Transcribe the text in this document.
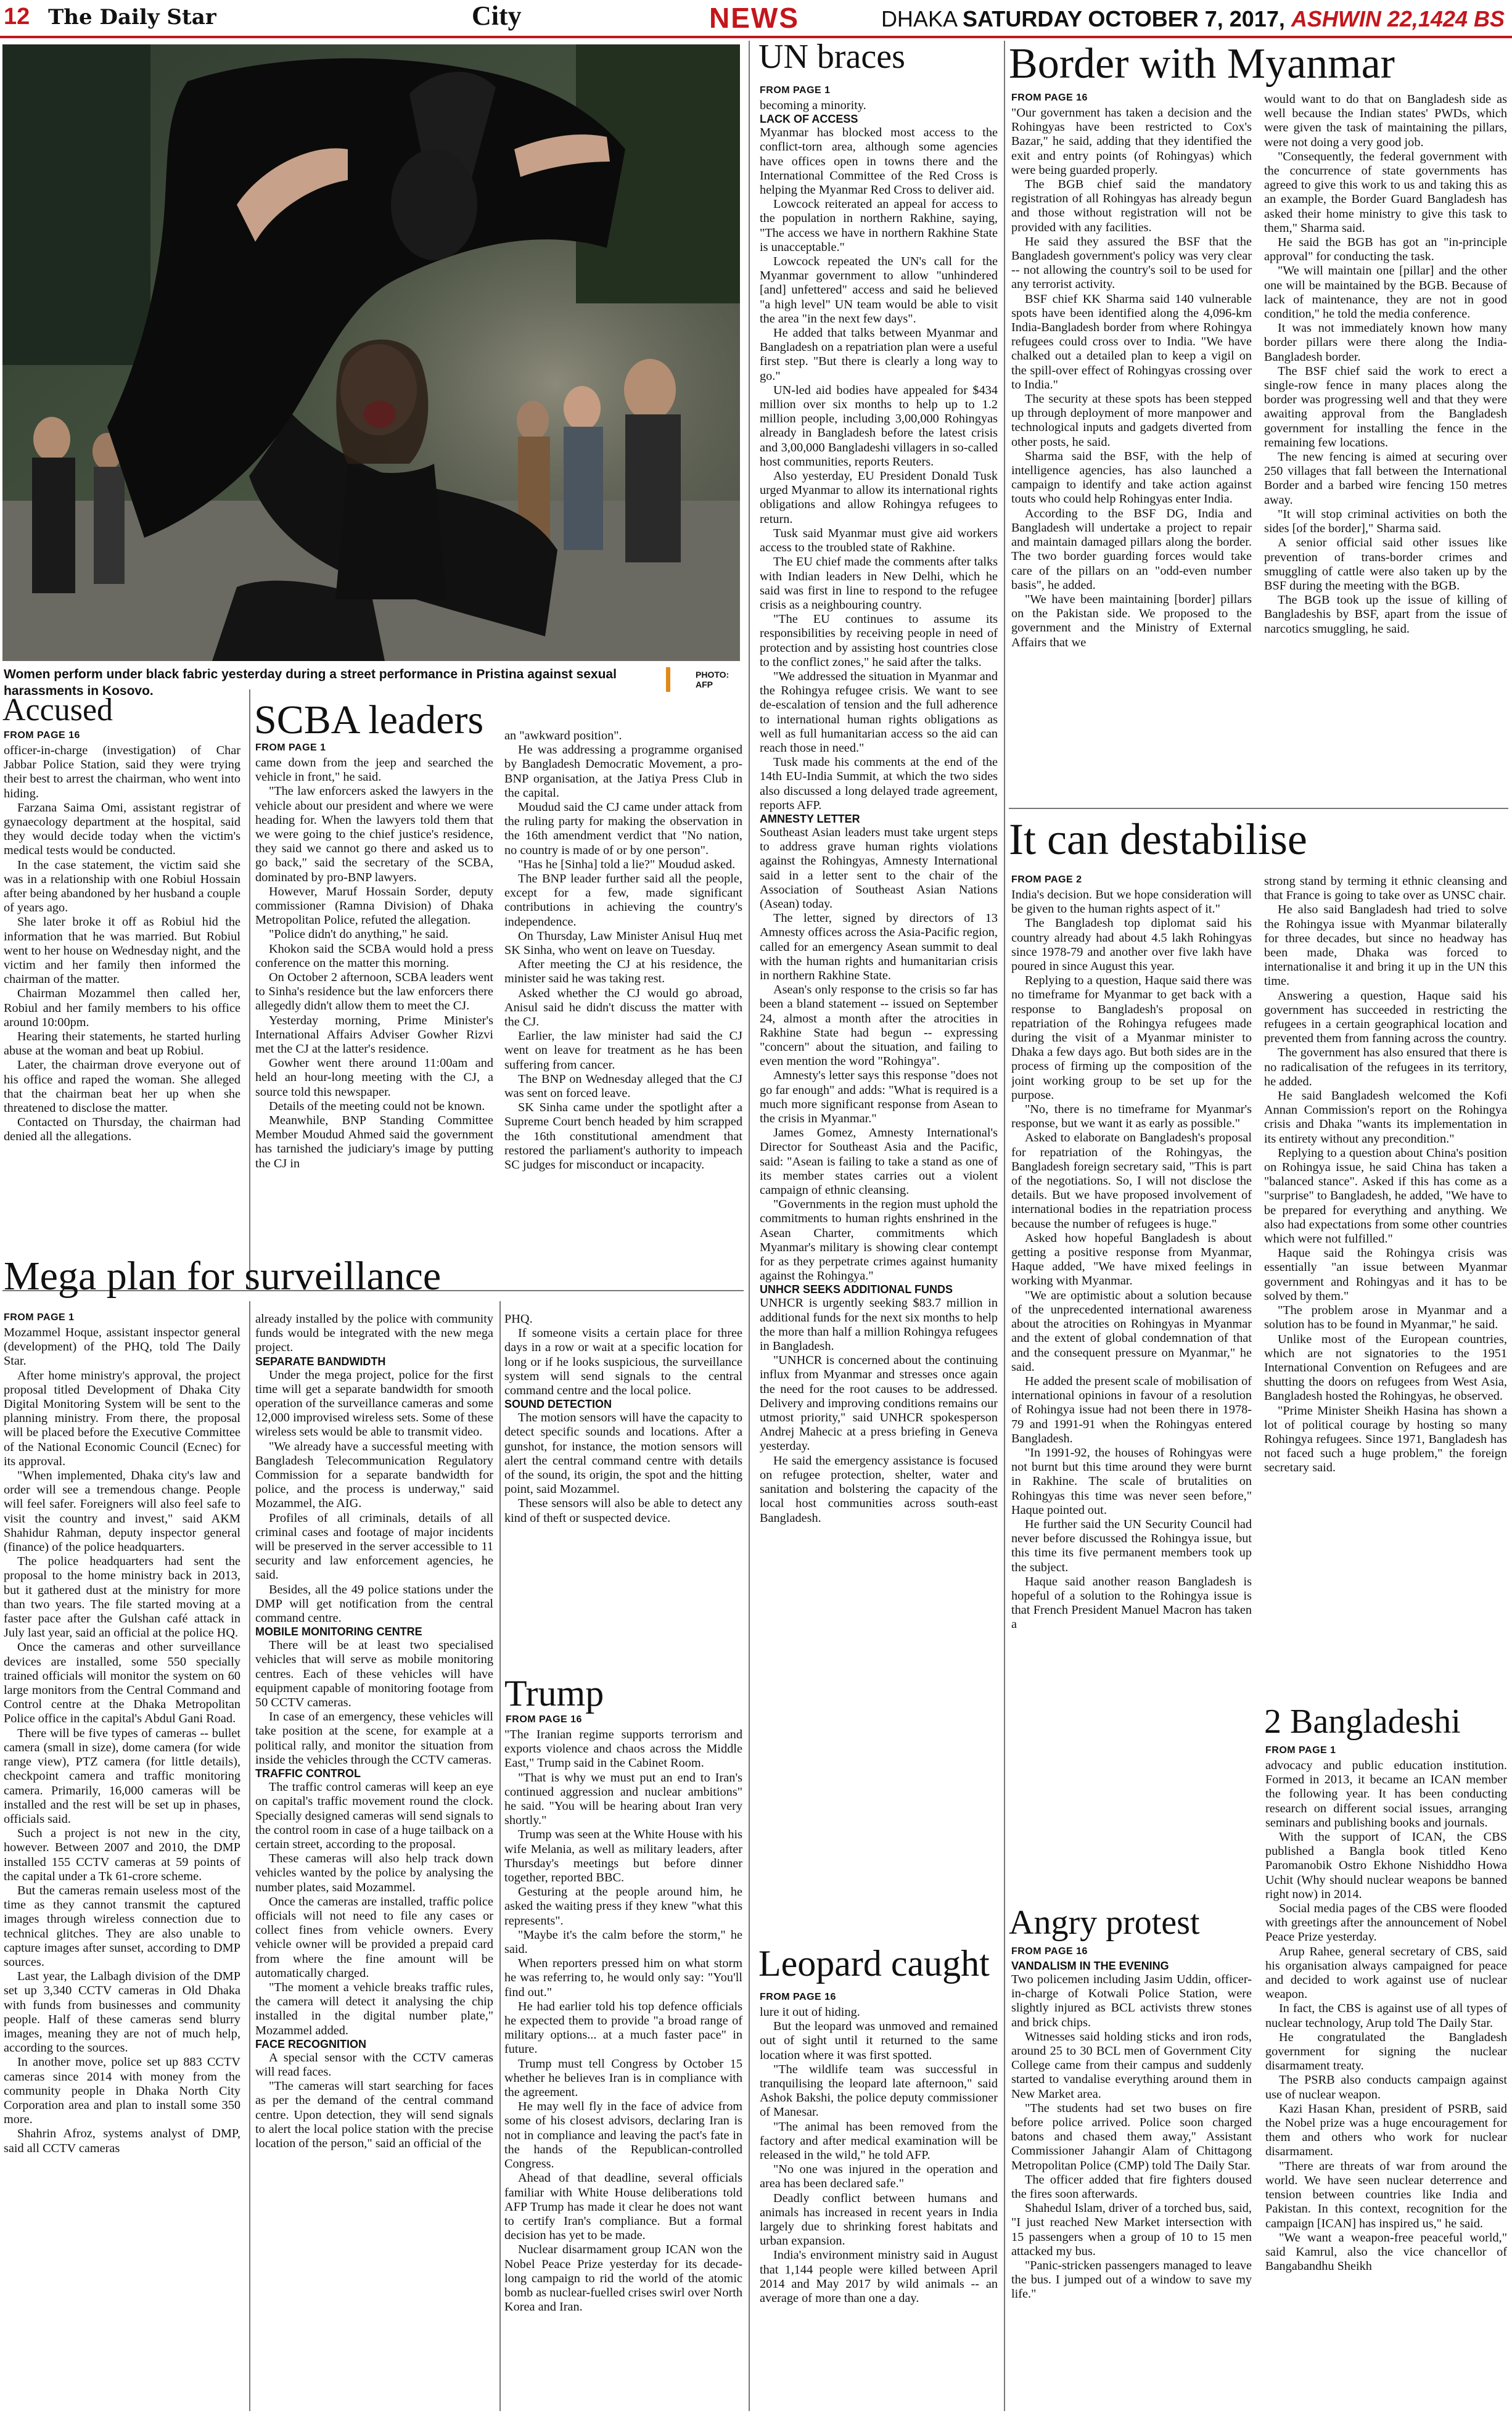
12 The Daily Star	City	NEWS	DHAKA SATURDAY OCTOBER 7, 2017, ASHWIN 22,1424 BS
Women perform under black fabric yesterday during a street performance in Pristina against sexual harassments in Kosovo.
PHOTO:
AFP
Accused
FROM PAGE 16

officer-in-charge (investigation) of Char Jabbar Police Station, said they were trying their best to arrest the chairman, who went into hiding.

Farzana Saima Omi, assistant registrar of gynaecology department at the hospital, said they would decide today when the victim's medical tests would be conducted.

In the case statement, the victim said she was in a relationship with one Robiul Hossain after being abandoned by her husband a couple of years ago.

She later broke it off as Robiul hid the information that he was married. But Robiul went to her house on Wednesday night, and the victim and her family then informed the chairman of the matter.

Chairman Mozammel then called her, Robiul and her family members to his office around 10:00pm.

Hearing their statements, he started hurling abuse at the woman and beat up Robiul.

Later, the chairman drove everyone out of his office and raped the woman. She alleged that the chairman beat her up when she threatened to disclose the matter.

Contacted on Thursday, the chairman had denied all the allegations.

SCBA leaders
FROM PAGE 1

came down from the jeep and searched the vehicle in front," he said.

"The law enforcers asked the lawyers in the vehicle about our president and where we were heading for. When the lawyers told them that we were going to the chief justice's residence, they said we cannot go there and asked us to go back," said the secretary of the SCBA, dominated by pro-BNP lawyers.

However, Maruf Hossain Sorder, deputy commissioner (Ramna Division) of Dhaka Metropolitan Police, refuted the allegation.

"Police didn't do anything," he said.

Khokon said the SCBA would hold a press conference on the matter this morning.

On October 2 afternoon, SCBA leaders went to Sinha's residence but the law enforcers there allegedly didn't allow them to meet the CJ.

Yesterday morning, Prime Minister's International Affairs Adviser Gowher Rizvi met the CJ at the latter's residence.

Gowher went there around 11:00am and held an hour-long meeting with the CJ, a source told this newspaper.

Details of the meeting could not be known.

Meanwhile, BNP Standing Committee Member Moudud Ahmed said the government has tarnished the judiciary's image by putting the CJ in

an "awkward position".

He was addressing a programme organised by Bangladesh Democratic Movement, a pro-BNP organisation, at the Jatiya Press Club in the capital.

Moudud said the CJ came under attack from the ruling party for making the observation in the 16th amendment verdict that "No nation, no country is made of or by one person".

"Has he [Sinha] told a lie?" Moudud asked.

The BNP leader further said all the people, except for a few, made significant contributions in achieving the country's independence.

On Thursday, Law Minister Anisul Huq met SK Sinha, who went on leave on Tuesday.

After meeting the CJ at his residence, the minister said he was taking rest.

Asked whether the CJ would go abroad, Anisul said he didn't discuss the matter with the CJ.

Earlier, the law minister had said the CJ went on leave for treatment as he has been suffering from cancer.

The BNP on Wednesday alleged that the CJ was sent on forced leave.

SK Sinha came under the spotlight after a Supreme Court bench headed by him scrapped the 16th constitutional amendment that restored the parliament's authority to impeach SC judges for misconduct or incapacity.

Mega plan for surveillance
FROM PAGE 1

Mozammel Hoque, assistant inspector general (development) of the PHQ, told The Daily Star.

After home ministry's approval, the project proposal titled Development of Dhaka City Digital Monitoring System will be sent to the planning ministry. From there, the proposal will be placed before the Executive Committee of the National Economic Council (Ecnec) for its approval.

"When implemented, Dhaka city's law and order will see a tremendous change. People will feel safer. Foreigners will also feel safe to visit the country and invest," said AKM Shahidur Rahman, deputy inspector general (finance) of the police headquarters.

The police headquarters had sent the proposal to the home ministry back in 2013, but it gathered dust at the ministry for more than two years. The file started moving at a faster pace after the Gulshan café attack in July last year, said an official at the police HQ.

Once the cameras and other surveillance devices are installed, some 550 specially trained officials will monitor the system on 60 large monitors from the Central Command and Control centre at the Dhaka Metropolitan Police office in the capital's Abdul Gani Road.

There will be five types of cameras -- bullet camera (small in size), dome camera (for wide range view), PTZ camera (for little details), checkpoint camera and traffic monitoring camera. Primarily, 16,000 cameras will be installed and the rest will be set up in phases, officials said.

Such a project is not new in the city, however. Between 2007 and 2010, the DMP installed 155 CCTV cameras at 59 points of the capital under a Tk 61-crore scheme.

But the cameras remain useless most of the time as they cannot transmit the captured images through wireless connection due to technical glitches. They are also unable to capture images after sunset, according to DMP sources.

Last year, the Lalbagh division of the DMP set up 3,340 CCTV cameras in Old Dhaka with funds from businesses and community people. Half of these cameras send blurry images, meaning they are not of much help, according to the sources.

In another move, police set up 883 CCTV cameras since 2014 with money from the community people in Dhaka North City Corporation area and plan to install some 350 more.

Shahrin Afroz, systems analyst of DMP, said all CCTV cameras

already installed by the police with community funds would be integrated with the new mega project.

SEPARATE BANDWIDTH

Under the mega project, police for the first time will get a separate bandwidth for smooth operation of the surveillance cameras and some 12,000 improvised wireless sets. Some of these wireless sets would be able to transmit video.

"We already have a successful meeting with Bangladesh Telecommunication Regulatory Commission for a separate bandwidth for police, and the process is underway," said Mozammel, the AIG.

Profiles of all criminals, details of all criminal cases and footage of major incidents will be preserved in the server accessible to 11 security and law enforcement agencies, he said.

Besides, all the 49 police stations under the DMP will get notification from the central command centre.

MOBILE MONITORING CENTRE

There will be at least two specialised vehicles that will serve as mobile monitoring centres. Each of these vehicles will have equipment capable of monitoring footage from 50 CCTV cameras.

In case of an emergency, these vehicles will take position at the scene, for example at a political rally, and monitor the situation from inside the vehicles through the CCTV cameras.

TRAFFIC CONTROL

The traffic control cameras will keep an eye on capital's traffic movement round the clock. Specially designed cameras will send signals to the control room in case of a huge tailback on a certain street, according to the proposal.

These cameras will also help track down vehicles wanted by the police by analysing the number plates, said Mozammel.

Once the cameras are installed, traffic police officials will not need to file any cases or collect fines from vehicle owners. Every vehicle owner will be provided a prepaid card from where the fine amount will be automatically charged.

"The moment a vehicle breaks traffic rules, the camera will detect it analysing the chip installed in the digital number plate," Mozammel added.

FACE RECOGNITION

A special sensor with the CCTV cameras will read faces.

"The cameras will start searching for faces as per the demand of the central command centre. Upon detection, they will send signals to alert the local police station with the precise location of the person," said an official of the

PHQ.

If someone visits a certain place for three days in a row or wait at a specific location for long or if he looks suspicious, the surveillance system will send signals to the central command centre and the local police.

SOUND DETECTION

The motion sensors will have the capacity to detect specific sounds and locations. After a gunshot, for instance, the motion sensors will alert the central command centre with details of the sound, its origin, the spot and the hitting point, said Mozammel.

These sensors will also be able to detect any kind of theft or suspected device.

Trump
FROM PAGE 16

"The Iranian regime supports terrorism and exports violence and chaos across the Middle East," Trump said in the Cabinet Room.

"That is why we must put an end to Iran's continued aggression and nuclear ambitions" he said. "You will be hearing about Iran very shortly."

Trump was seen at the White House with his wife Melania, as well as military leaders, after Thursday's meetings but before dinner together, reported BBC.

Gesturing at the people around him, he asked the waiting press if they knew "what this represents".

"Maybe it's the calm before the storm," he said.

When reporters pressed him on what storm he was referring to, he would only say: "You'll find out."

He had earlier told his top defence officials he expected them to provide "a broad range of military options... at a much faster pace" in future.

Trump must tell Congress by October 15 whether he believes Iran is in compliance with the agreement.

He may well fly in the face of advice from some of his closest advisors, declaring Iran is not in compliance and leaving the pact's fate in the hands of the Republican-controlled Congress.

Ahead of that deadline, several officials familiar with White House deliberations told AFP Trump has made it clear he does not want to certify Iran's compliance. But a formal decision has yet to be made.

Nuclear disarmament group ICAN won the Nobel Peace Prize yesterday for its decade-long campaign to rid the world of the atomic bomb as nuclear-fuelled crises swirl over North Korea and Iran.

UN braces
FROM PAGE 1

becoming a minority.

LACK OF ACCESS

Myanmar has blocked most access to the conflict-torn area, although some agencies have offices open in towns there and the International Committee of the Red Cross is helping the Myanmar Red Cross to deliver aid.

Lowcock reiterated an appeal for access to the population in northern Rakhine, saying, "The access we have in northern Rakhine State is unacceptable."

Lowcock repeated the UN's call for the Myanmar government to allow "unhindered [and] unfettered" access and said he believed "a high level" UN team would be able to visit the area "in the next few days".

He added that talks between Myanmar and Bangladesh on a repatriation plan were a useful first step. "But there is clearly a long way to go."

UN-led aid bodies have appealed for $434 million over six months to help up to 1.2 million people, including 3,00,000 Rohingyas already in Bangladesh before the latest crisis and 3,00,000 Bangladeshi villagers in so-called host communities, reports Reuters.

Also yesterday, EU President Donald Tusk urged Myanmar to allow its international rights obligations and allow Rohingya refugees to return.

Tusk said Myanmar must give aid workers access to the troubled state of Rakhine.

The EU chief made the comments after talks with Indian leaders in New Delhi, which he said was first in line to respond to the refugee crisis as a neighbouring country.

"The EU continues to assume its responsibilities by receiving people in need of protection and by assisting host countries close to the conflict zones," he said after the talks.

"We addressed the situation in Myanmar and the Rohingya refugee crisis. We want to see de-escalation of tension and the full adherence to international human rights obligations as well as full humanitarian access so the aid can reach those in need."

Tusk made his comments at the end of the 14th EU-India Summit, at which the two sides also discussed a long delayed trade agreement, reports AFP.

AMNESTY LETTER

Southeast Asian leaders must take urgent steps to address grave human rights violations against the Rohingyas, Amnesty International said in a letter sent to the chair of the Association of Southeast Asian Nations (Asean) today.

The letter, signed by directors of 13 Amnesty offices across the Asia-Pacific region, called for an emergency Asean summit to deal with the human rights and humanitarian crisis in northern Rakhine State.

Asean's only response to the crisis so far has been a bland statement -- issued on September 24, almost a month after the atrocities in Rakhine State had begun -- expressing "concern" about the situation, and failing to even mention the word "Rohingya".

Amnesty's letter says this response "does not go far enough" and adds: "What is required is a much more significant response from Asean to the crisis in Myanmar."

James Gomez, Amnesty International's Director for Southeast Asia and the Pacific, said: "Asean is failing to take a stand as one of its member states carries out a violent campaign of ethnic cleansing.

"Governments in the region must uphold the commitments to human rights enshrined in the Asean Charter, commitments which Myanmar's military is showing clear contempt for as they perpetrate crimes against humanity against the Rohingya."

UNHCR SEEKS ADDITIONAL FUNDS

UNHCR is urgently seeking $83.7 million in additional funds for the next six months to help the more than half a million Rohingya refugees in Bangladesh.

"UNHCR is concerned about the continuing influx from Myanmar and stresses once again the need for the root causes to be addressed. Delivery and improving conditions remains our utmost priority," said UNHCR spokesperson Andrej Mahecic at a press briefing in Geneva yesterday.

He said the emergency assistance is focused on refugee protection, shelter, water and sanitation and bolstering the capacity of the local host communities across south-east Bangladesh.

Leopard caught
FROM PAGE 16

lure it out of hiding.

But the leopard was unmoved and remained out of sight until it returned to the same location where it was first spotted.

"The wildlife team was successful in tranquilising the leopard late afternoon," said Ashok Bakshi, the police deputy commissioner of Manesar.

"The animal has been removed from the factory and after medical examination will be released in the wild," he told AFP.

"No one was injured in the operation and area has been declared safe."

Deadly conflict between humans and animals has increased in recent years in India largely due to shrinking forest habitats and urban expansion.

India's environment ministry said in August that 1,144 people were killed between April 2014 and May 2017 by wild animals -- an average of more than one a day.

Border with Myanmar
FROM PAGE 16

"Our government has taken a decision and the Rohingyas have been restricted to Cox's Bazar," he said, adding that they identified the exit and entry points (of Rohingyas) which were being guarded properly.

The BGB chief said the mandatory registration of all Rohingyas has already begun and those without registration will not be provided with any facilities.

He said they assured the BSF that the Bangladesh government's policy was very clear -- not allowing the country's soil to be used for any terrorist activity.

BSF chief KK Sharma said 140 vulnerable spots have been identified along the 4,096-km India-Bangladesh border from where Rohingya refugees could cross over to India. "We have chalked out a detailed plan to keep a vigil on the spill-over effect of Rohingyas crossing over to India."

The security at these spots has been stepped up through deployment of more manpower and technological inputs and gadgets diverted from other posts, he said.

Sharma said the BSF, with the help of intelligence agencies, has also launched a campaign to identify and take action against touts who could help Rohingyas enter India.

According to the BSF DG, India and Bangladesh will undertake a project to repair and maintain damaged pillars along the border. The two border guarding forces would take care of the pillars on an "odd-even number basis", he added.

"We have been maintaining [border] pillars on the Pakistan side. We proposed to the government and the Ministry of External Affairs that we

would want to do that on Bangladesh side as well because the Indian states' PWDs, which were given the task of maintaining the pillars, were not doing a very good job.

"Consequently, the federal government with the concurrence of state governments has agreed to give this work to us and taking this as an example, the Border Guard Bangladesh has asked their home ministry to give this task to them," Sharma said.

He said the BGB has got an "in-principle approval" for conducting the task.

"We will maintain one [pillar] and the other one will be maintained by the BGB. Because of lack of maintenance, they are not in good condition," he told the media conference.

It was not immediately known how many border pillars were there along the India-Bangladesh border.

The BSF chief said the work to erect a single-row fence in many places along the border was progressing well and that they were awaiting approval from the Bangladesh government for installing the fence in the remaining few locations.

The new fencing is aimed at securing over 250 villages that fall between the International Border and a barbed wire fencing 150 metres away.

"It will stop criminal activities on both the sides [of the border]," Sharma said.

A senior official said other issues like prevention of trans-border crimes and smuggling of cattle were also taken up by the BSF during the meeting with the BGB.

The BGB took up the issue of killing of Bangladeshis by BSF, apart from the issue of narcotics smuggling, he said.

It can destabilise
FROM PAGE 2

India's decision. But we hope consideration will be given to the human rights aspect of it."

The Bangladesh top diplomat said his country already had about 4.5 lakh Rohingyas since 1978-79 and another over five lakh have poured in since August this year.

Replying to a question, Haque said there was no timeframe for Myanmar to get back with a response to Bangladesh's proposal on repatriation of the Rohingya refugees made during the visit of a Myanmar minister to Dhaka a few days ago. But both sides are in the process of firming up the composition of the joint working group to be set up for the purpose.

"No, there is no timeframe for Myanmar's response, but we want it as early as possible."

Asked to elaborate on Bangladesh's proposal for repatriation of the Rohingyas, the Bangladesh foreign secretary said, "This is part of the negotiations. So, I will not disclose the details. But we have proposed involvement of international bodies in the repatriation process because the number of refugees is huge."

Asked how hopeful Bangladesh is about getting a positive response from Myanmar, Haque added, "We have mixed feelings in working with Myanmar.

"We are optimistic about a solution because of the unprecedented international awareness about the atrocities on Rohingyas in Myanmar and the extent of global condemnation of that and the consequent pressure on Myanmar," he said.

He added the present scale of mobilisation of international opinions in favour of a resolution of Rohingya issue had not been there in 1978-79 and 1991-91 when the Rohingyas entered Bangladesh.

"In 1991-92, the houses of Rohingyas were not burnt but this time around they were burnt in Rakhine. The scale of brutalities on Rohingyas this time was never seen before," Haque pointed out.

He further said the UN Security Council had never before discussed the Rohingya issue, but this time its five permanent members took up the subject.

Haque said another reason Bangladesh is hopeful of a solution to the Rohingya issue is that French President Manuel Macron has taken a

strong stand by terming it ethnic cleansing and that France is going to take over as UNSC chair.

He also said Bangladesh had tried to solve the Rohingya issue with Myanmar bilaterally for three decades, but since no headway has been made, Dhaka was forced to internationalise it and bring it up in the UN this time.

Answering a question, Haque said his government has succeeded in restricting the refugees in a certain geographical location and prevented them from fanning across the country.

The government has also ensured that there is no radicalisation of the refugees in its territory, he added.

He said Bangladesh welcomed the Kofi Annan Commission's report on the Rohingya crisis and Dhaka "wants its implementation in its entirety without any precondition."

Replying to a question about China's position on Rohingya issue, he said China has taken a "balanced stance". Asked if this has come as a "surprise" to Bangladesh, he added, "We have to be prepared for everything and anything. We also had expectations from some other countries which were not fulfilled."

Haque said the Rohingya crisis was essentially "an issue between Myanmar government and Rohingyas and it has to be solved by them."

"The problem arose in Myanmar and a solution has to be found in Myanmar," he said.

Unlike most of the European countries, which are not signatories to the 1951 International Convention on Refugees and are shutting the doors on refugees from West Asia, Bangladesh hosted the Rohingyas, he observed.

"Prime Minister Sheikh Hasina has shown a lot of political courage by hosting so many Rohingya refugees. Since 1971, Bangladesh has not faced such a huge problem," the foreign secretary said.

Angry protest
FROM PAGE 16
VANDALISM IN THE EVENING

Two policemen including Jasim Uddin, officer-in-charge of Kotwali Police Station, were slightly injured as BCL activists threw stones and brick chips.

Witnesses said holding sticks and iron rods, around 25 to 30 BCL men of Government City College came from their campus and suddenly started to vandalise everything around them in New Market area.

"The students had set two buses on fire before police arrived. Police soon charged batons and chased them away," Assistant Commissioner Jahangir Alam of Chittagong Metropolitan Police (CMP) told The Daily Star.

The officer added that fire fighters doused the fires soon afterwards.

Shahedul Islam, driver of a torched bus, said, "I just reached New Market intersection with 15 passengers when a group of 10 to 15 men attacked my bus.

"Panic-stricken passengers managed to leave the bus. I jumped out of a window to save my life."

2 Bangladeshi
FROM PAGE 1

advocacy and public education institution. Formed in 2013, it became an ICAN member the following year. It has been conducting research on different social issues, arranging seminars and publishing books and journals.

With the support of ICAN, the CBS published a Bangla book titled Keno Paromanobik Ostro Ekhone Nishiddho Howa Uchit (Why should nuclear weapons be banned right now) in 2014.

Social media pages of the CBS were flooded with greetings after the announcement of Nobel Peace Prize yesterday.

Arup Rahee, general secretary of CBS, said his organisation always campaigned for peace and decided to work against use of nuclear weapon.

In fact, the CBS is against use of all types of nuclear technology, Arup told The Daily Star.

He congratulated the Bangladesh government for signing the nuclear disarmament treaty.

The PSRB also conducts campaign against use of nuclear weapon.

Kazi Hasan Khan, president of PSRB, said the Nobel prize was a huge encouragement for them and others who work for nuclear disarmament.

"There are threats of war from around the world. We have seen nuclear deterrence and tension between countries like India and Pakistan. In this context, recognition for the campaign [ICAN] has inspired us," he said.

"We want a weapon-free peaceful world," said Kamrul, also the vice chancellor of Bangabandhu Sheikh
